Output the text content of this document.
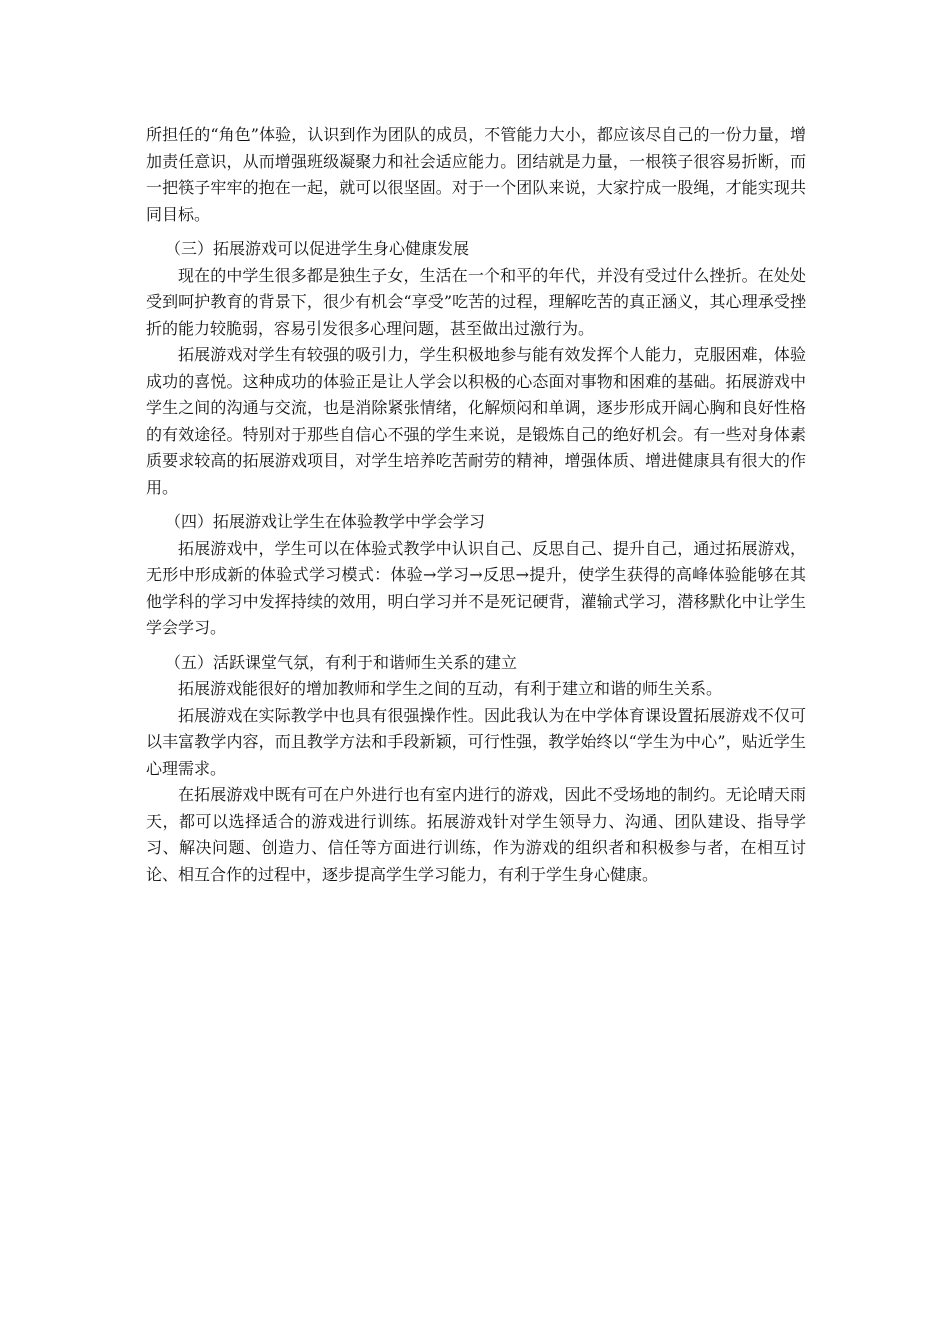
所担任的“角色”体验，认识到作为团队的成员，不管能力大小，都应该尽自己的一份力量，增加责任意识，从而增强班级凝聚力和社会适应能力。团结就是力量，一根筷子很容易折断，而一把筷子牢牢的抱在一起，就可以很坚固。对于一个团队来说，大家拧成一股绳，才能实现共同目标。

（三）拓展游戏可以促进学生身心健康发展

现在的中学生很多都是独生子女，生活在一个和平的年代，并没有受过什么挫折。在处处受到呵护教育的背景下，很少有机会“享受”吃苦的过程，理解吃苦的真正涵义，其心理承受挫折的能力较脆弱，容易引发很多心理问题，甚至做出过激行为。

拓展游戏对学生有较强的吸引力，学生积极地参与能有效发挥个人能力，克服困难，体验成功的喜悦。这种成功的体验正是让人学会以积极的心态面对事物和困难的基础。拓展游戏中学生之间的沟通与交流，也是消除紧张情绪，化解烦闷和单调，逐步形成开阔心胸和良好性格的有效途径。特别对于那些自信心不强的学生来说，是锻炼自己的绝好机会。有一些对身体素质要求较高的拓展游戏项目，对学生培养吃苦耐劳的精神，增强体质、增进健康具有很大的作用。

（四）拓展游戏让学生在体验教学中学会学习

拓展游戏中，学生可以在体验式教学中认识自己、反思自己、提升自己，通过拓展游戏，无形中形成新的体验式学习模式：体验→学习→反思→提升，使学生获得的高峰体验能够在其他学科的学习中发挥持续的效用，明白学习并不是死记硬背，灌输式学习，潜移默化中让学生学会学习。

（五）活跃课堂气氛，有利于和谐师生关系的建立

拓展游戏能很好的增加教师和学生之间的互动，有利于建立和谐的师生关系。

拓展游戏在实际教学中也具有很强操作性。因此我认为在中学体育课设置拓展游戏不仅可以丰富教学内容，而且教学方法和手段新颖，可行性强，教学始终以“学生为中心”，贴近学生心理需求。

在拓展游戏中既有可在户外进行也有室内进行的游戏，因此不受场地的制约。无论晴天雨天，都可以选择适合的游戏进行训练。拓展游戏针对学生领导力、沟通、团队建设、指导学习、解决问题、创造力、信任等方面进行训练，作为游戏的组织者和积极参与者，在相互讨论、相互合作的过程中，逐步提高学生学习能力，有利于学生身心健康。
